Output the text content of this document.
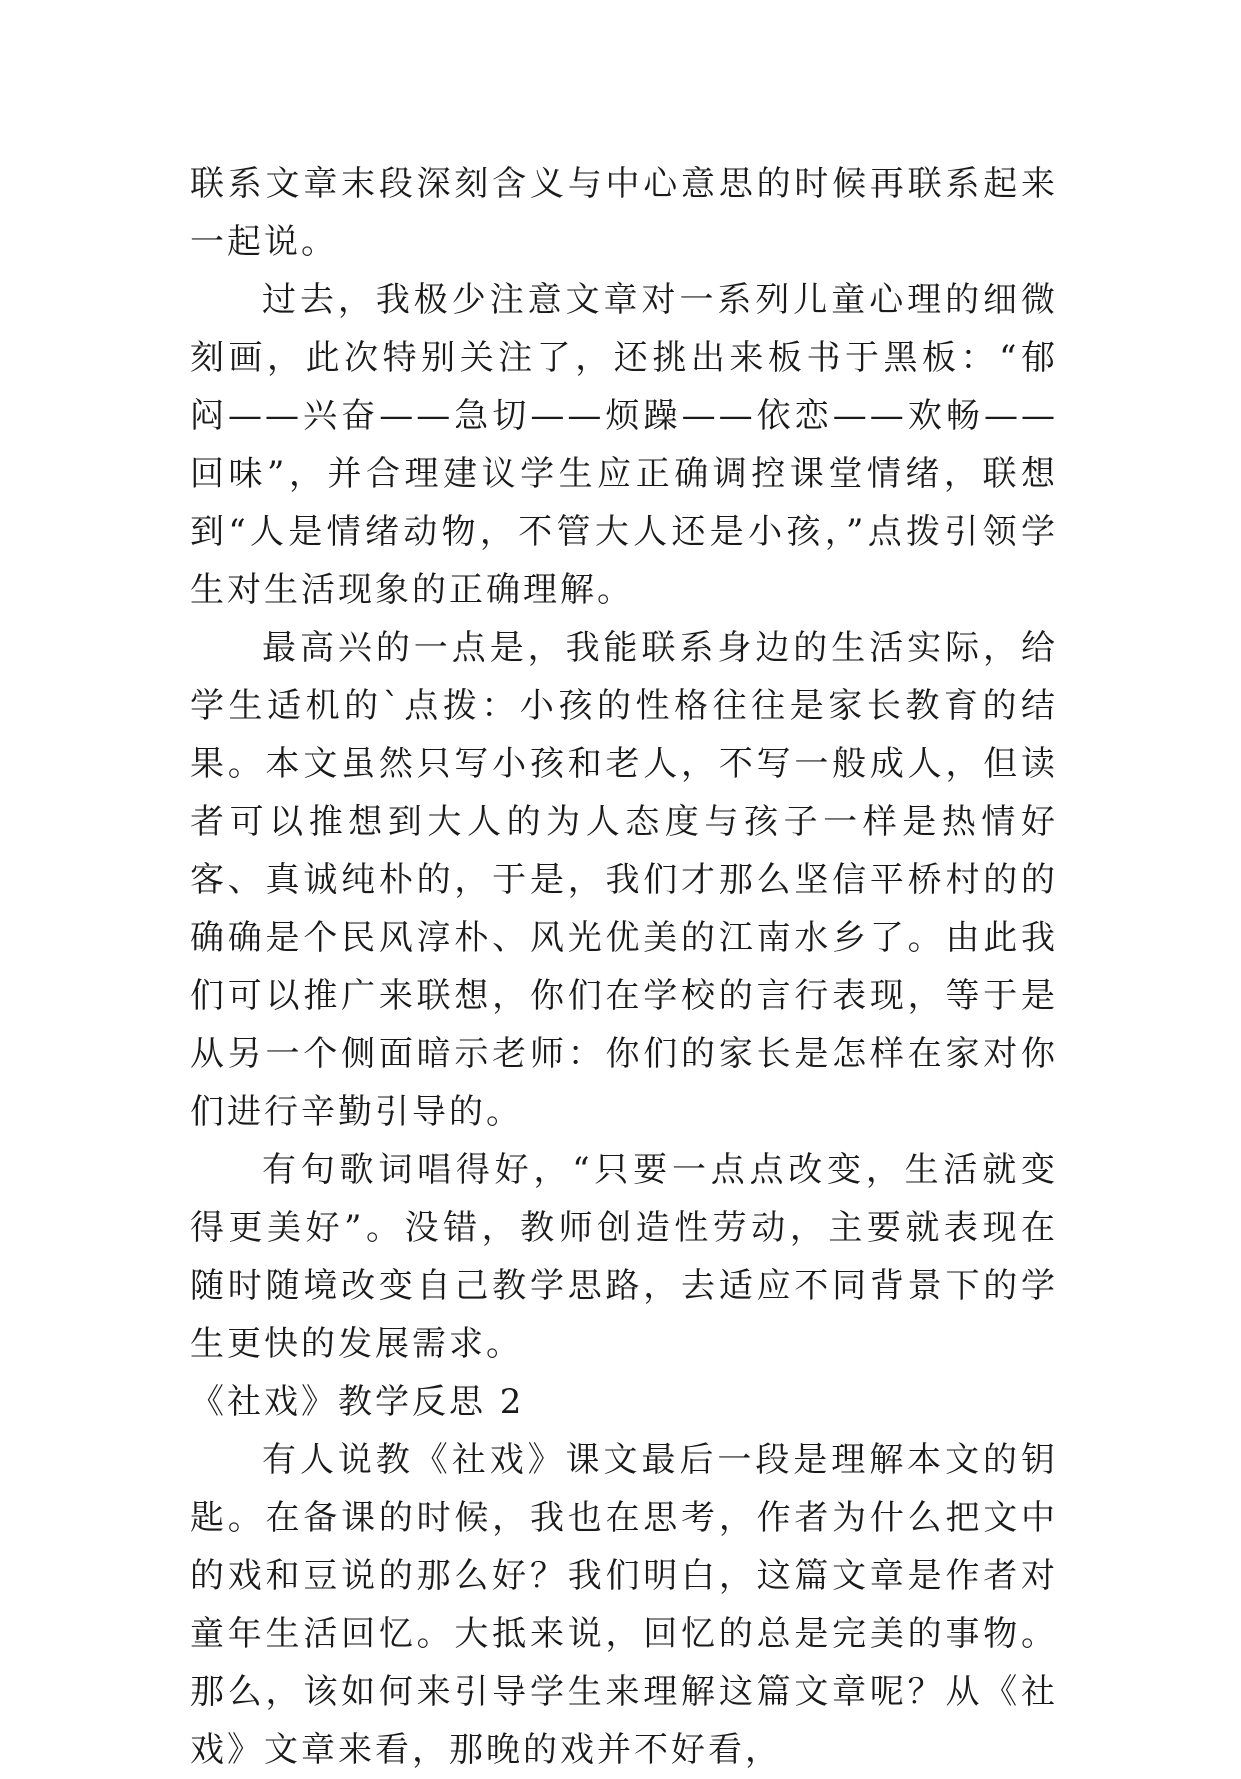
联系文章末段深刻含义与中心意思的时候再联系起来一起说。

过去，我极少注意文章对一系列儿童心理的细微刻画，此次特别关注了，还挑出来板书于黑板：“郁闷——兴奋——急切——烦躁——依恋——欢畅——回味”，并合理建议学生应正确调控课堂情绪，联想到“人是情绪动物，不管大人还是小孩，”点拨引领学生对生活现象的正确理解。

最高兴的一点是，我能联系身边的生活实际，给学生适机的`点拨：小孩的性格往往是家长教育的结果。本文虽然只写小孩和老人，不写一般成人，但读者可以推想到大人的为人态度与孩子一样是热情好客、真诚纯朴的，于是，我们才那么坚信平桥村的的确确是个民风淳朴、风光优美的江南水乡了。由此我们可以推广来联想，你们在学校的言行表现，等于是从另一个侧面暗示老师：你们的家长是怎样在家对你们进行辛勤引导的。

有句歌词唱得好，“只要一点点改变，生活就变得更美好”。没错，教师创造性劳动，主要就表现在随时随境改变自己教学思路，去适应不同背景下的学生更快的发展需求。

《社戏》教学反思 2

有人说教《社戏》课文最后一段是理解本文的钥匙。在备课的时候，我也在思考，作者为什么把文中的戏和豆说的那么好？我们明白，这篇文章是作者对童年生活回忆。大抵来说，回忆的总是完美的事物。那么，该如何来引导学生来理解这篇文章呢？从《社戏》文章来看，那晚的戏并不好看，
